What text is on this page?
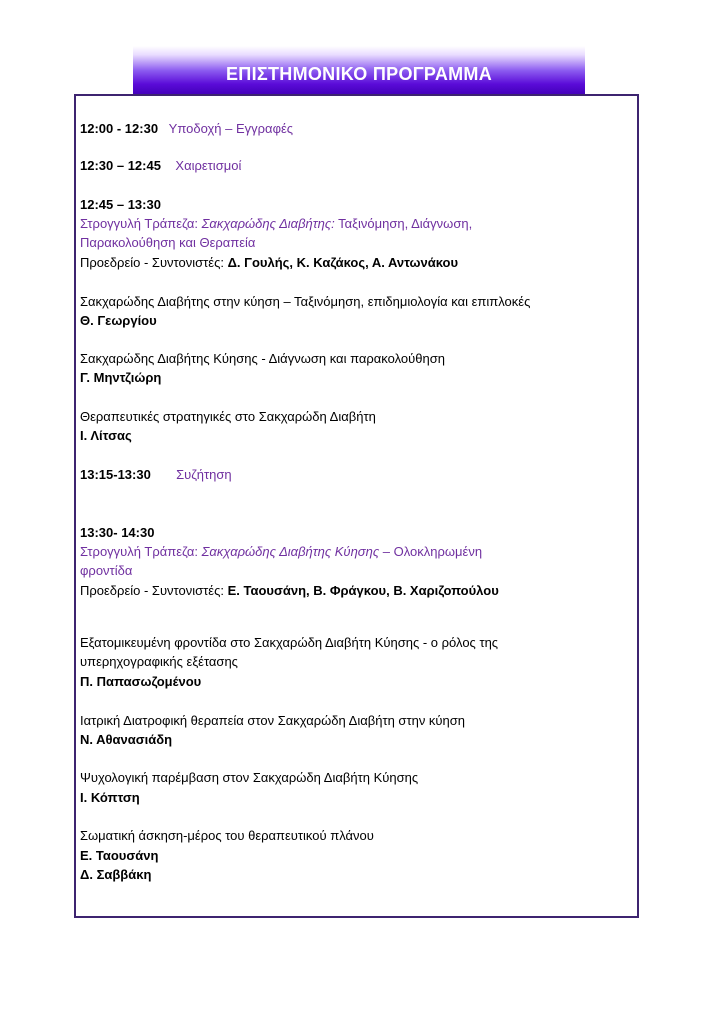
ΕΠΙΣΤΗΜΟΝΙΚΟ ΠΡΟΓΡΑΜΜΑ
12:00 - 12:30 Υποδοχή – Εγγραφές
12:30 – 12:45 Χαιρετισμοί
12:45 – 13:30
Στρογγυλή Τράπεζα: Σακχαρώδης Διαβήτης: Ταξινόμηση, Διάγνωση,
Παρακολούθηση και Θεραπεία
Προεδρείο - Συντονιστές: Δ. Γουλής, Κ. Καζάκος, Α. Αντωνάκου
Σακχαρώδης Διαβήτης στην κύηση – Ταξινόμηση, επιδημιολογία και επιπλοκές
Θ. Γεωργίου
Σακχαρώδης Διαβήτης Κύησης - Διάγνωση και παρακολούθηση
Γ. Μηντζιώρη
Θεραπευτικές στρατηγικές στο Σακχαρώδη Διαβήτη
Ι. Λίτσας
13:15-13:30 Συζήτηση
13:30- 14:30
Στρογγυλή Τράπεζα: Σακχαρώδης Διαβήτης Κύησης – Ολοκληρωμένη
φροντίδα
Προεδρείο - Συντονιστές: Ε. Ταουσάνη, Β. Φράγκου, Β. Χαριζοπούλου
Εξατομικευμένη φροντίδα στο Σακχαρώδη Διαβήτη Κύησης - ο ρόλος της
υπερηχογραφικής εξέτασης
Π. Παπασωζομένου
Ιατρική Διατροφική θεραπεία στον Σακχαρώδη Διαβήτη στην κύηση
Ν. Αθανασιάδη
Ψυχολογική παρέμβαση στον Σακχαρώδη Διαβήτη Κύησης
Ι. Κόπτση
Σωματική άσκηση-μέρος του θεραπευτικού πλάνου
Ε. Ταουσάνη
Δ. Σαββάκη
